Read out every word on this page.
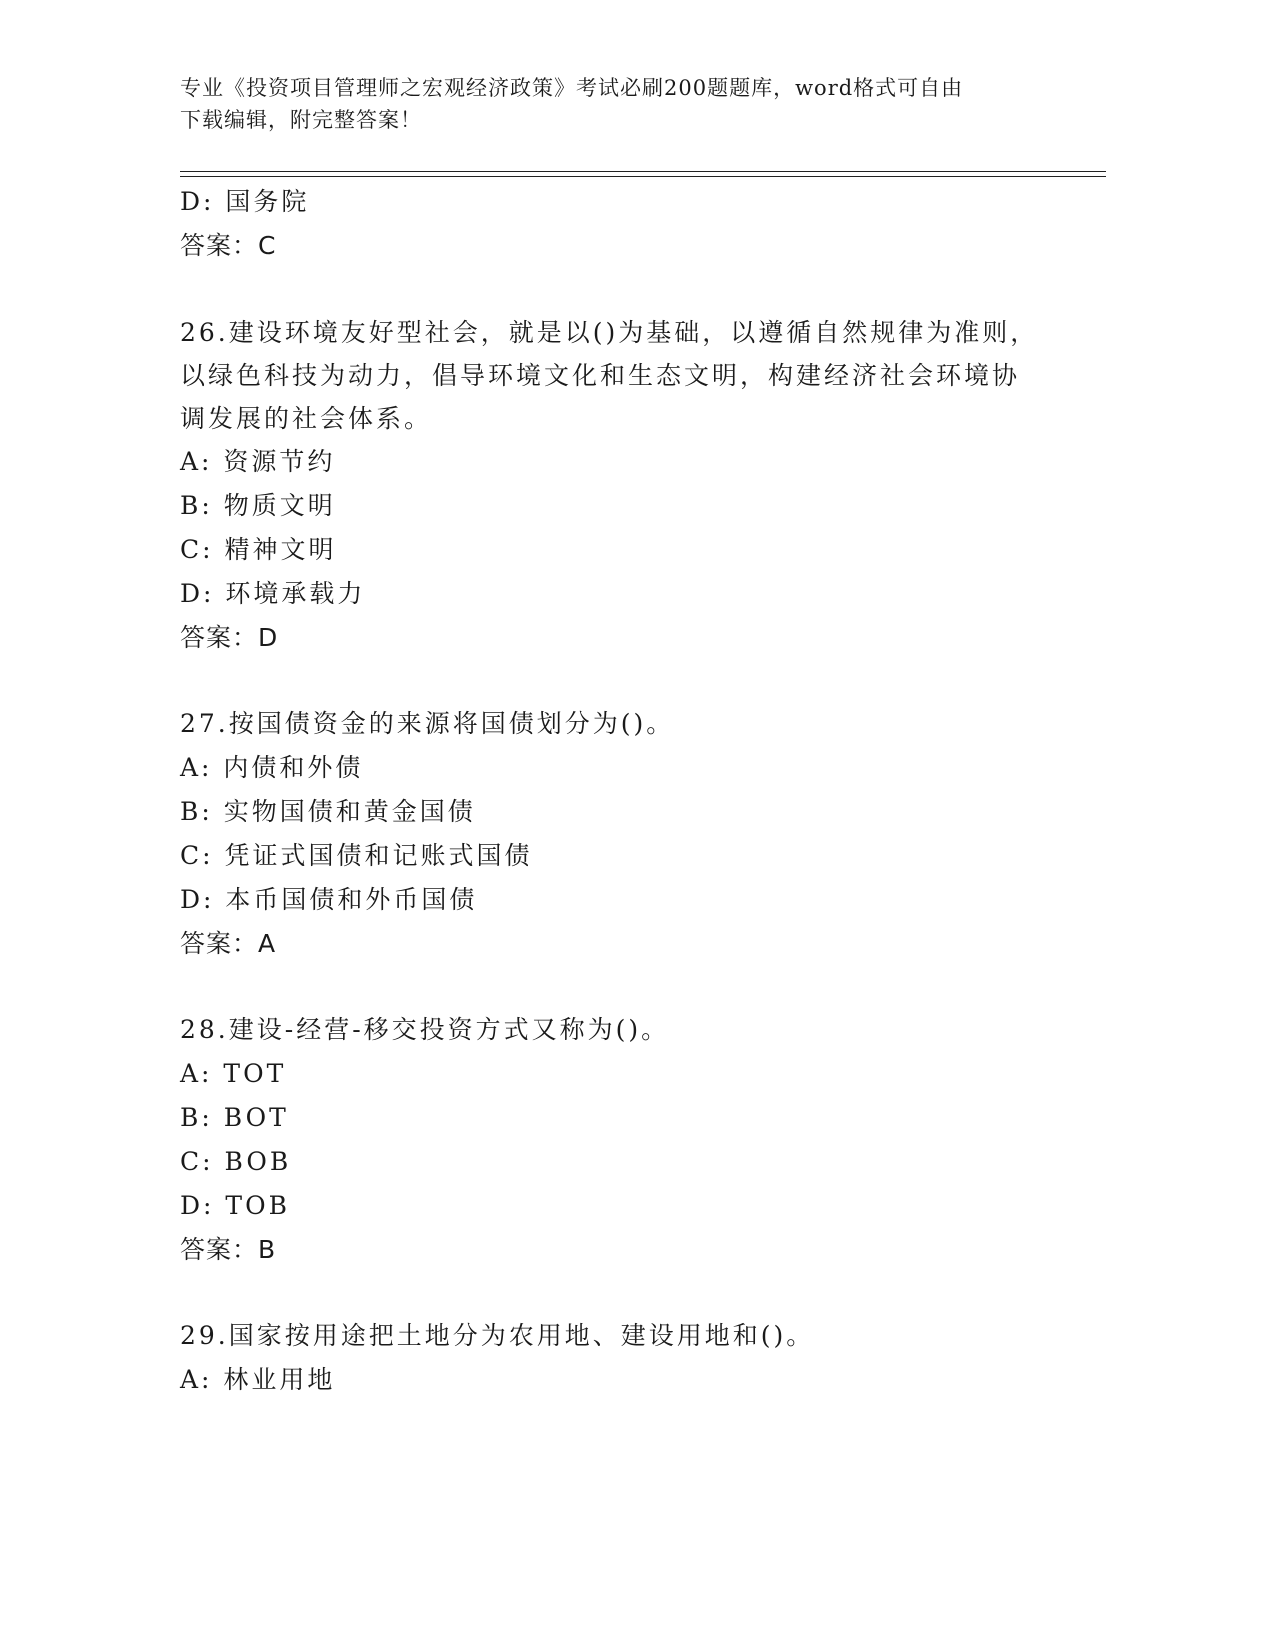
专业《投资项目管理师之宏观经济政策》考试必刷200题题库，word格式可自由
下载编辑，附完整答案！
D: 国务院
答案：C
26.建设环境友好型社会，就是以()为基础，以遵循自然规律为准则，
以绿色科技为动力，倡导环境文化和生态文明，构建经济社会环境协
调发展的社会体系。
A: 资源节约
B: 物质文明
C: 精神文明
D: 环境承载力
答案：D
27.按国债资金的来源将国债划分为()。
A: 内债和外债
B: 实物国债和黄金国债
C: 凭证式国债和记账式国债
D: 本币国债和外币国债
答案：A
28.建设-经营-移交投资方式又称为()。
A: TOT
B: BOT
C: BOB
D: TOB
答案：B
29.国家按用途把土地分为农用地、建设用地和()。
A: 林业用地
